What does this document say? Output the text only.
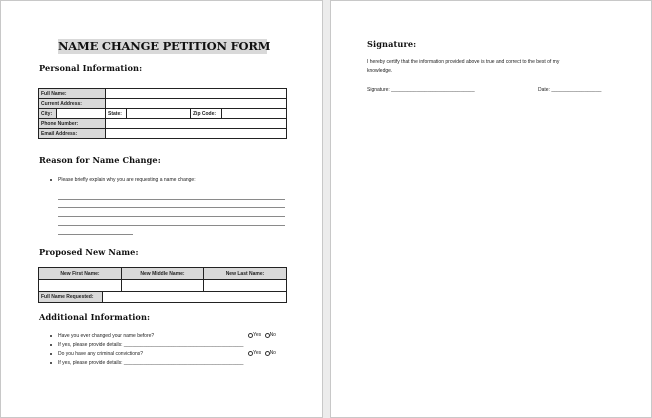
NAME CHANGE PETITION FORM
Personal Information:
Full Name:					
Current Address:					
City:		State:		Zip Code:	
Phone Number:					
Email Address:					
Reason for Name Change:
Please briefly explain why you are requesting a name change:
Proposed New Name:
New First Name:		New Middle Name:	New Last Name:

Full Name Requested:			
Additional Information:
Have you ever changed your name before?	Yes No
If yes, please provide details: ___________________________________________
Do you have any criminal convictions?	Yes No
If yes, please provide details: ___________________________________________
Signature:
I hereby certify that the information provided above is true and correct to the best of my
knowledge.
Signature: ______________________________	Date: __________________
